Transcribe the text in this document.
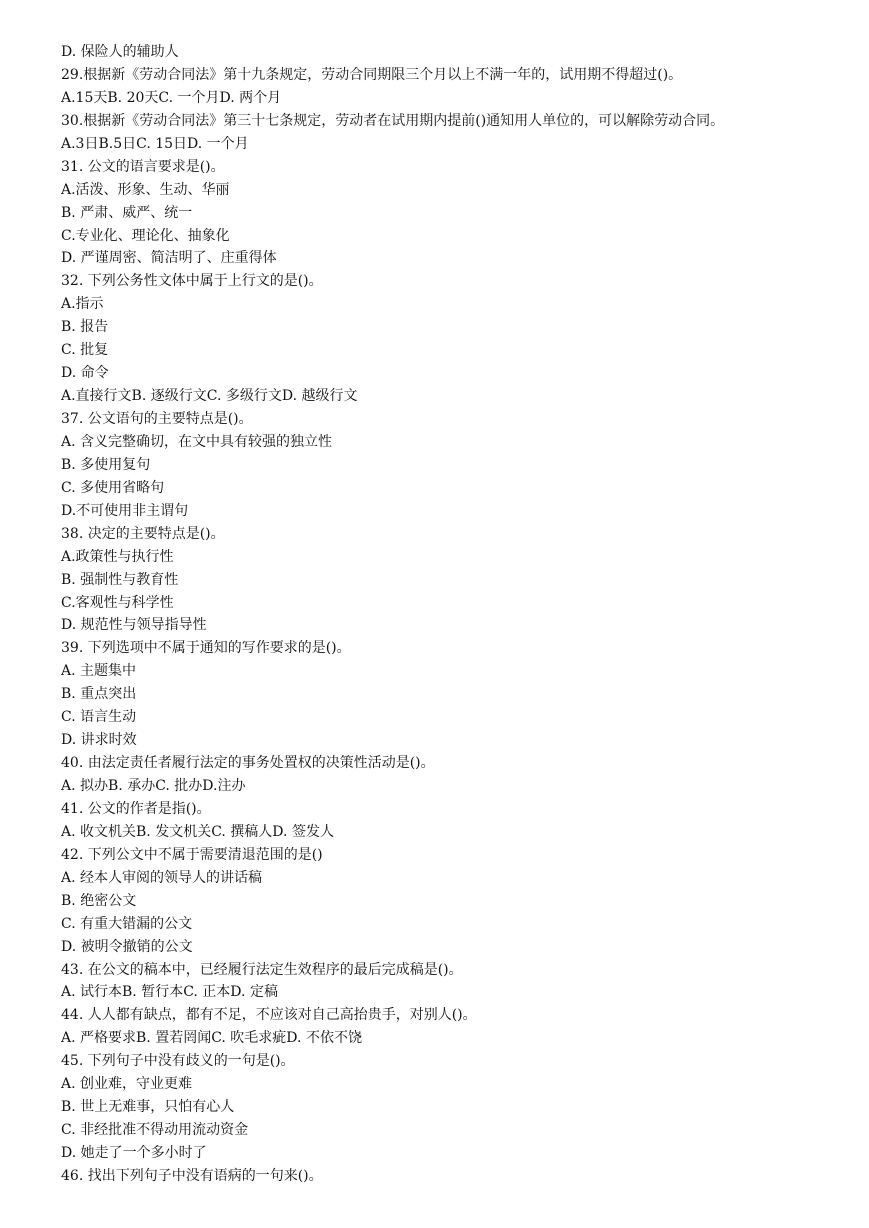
D. 保险人的辅助人
29.根据新《劳动合同法》第十九条规定，劳动合同期限三个月以上不满一年的，试用期不得超过()。
A.15天B. 20天C. 一个月D. 两个月
30.根据新《劳动合同法》第三十七条规定，劳动者在试用期内提前()通知用人单位的，可以解除劳动合同。
A.3日B.5日C. 15日D. 一个月
31. 公文的语言要求是()。
A.活泼、形象、生动、华丽
B. 严肃、威严、统一
C.专业化、理论化、抽象化
D. 严谨周密、简洁明了、庄重得体
32. 下列公务性文体中属于上行文的是()。
A.指示
B. 报告
C. 批复
D. 命令
A.直接行文B. 逐级行文C. 多级行文D. 越级行文
37. 公文语句的主要特点是()。
A. 含义完整确切，在文中具有较强的独立性
B. 多使用复句
C. 多使用省略句
D.不可使用非主谓句
38. 决定的主要特点是()。
A.政策性与执行性
B. 强制性与教育性
C.客观性与科学性
D. 规范性与领导指导性
39. 下列选项中不属于通知的写作要求的是()。
A. 主题集中
B. 重点突出
C. 语言生动
D. 讲求时效
40. 由法定责任者履行法定的事务处置权的决策性活动是()。
A. 拟办B. 承办C. 批办D.注办
41. 公文的作者是指()。
A. 收文机关B. 发文机关C. 撰稿人D. 签发人
42. 下列公文中不属于需要清退范围的是()
A. 经本人审阅的领导人的讲话稿
B. 绝密公文
C. 有重大错漏的公文
D. 被明令撤销的公文
43. 在公文的稿本中，已经履行法定生效程序的最后完成稿是()。
A. 试行本B. 暂行本C. 正本D. 定稿
44. 人人都有缺点，都有不足，不应该对自己高抬贵手，对别人()。
A. 严格要求B. 置若罔闻C. 吹毛求疵D. 不依不饶
45. 下列句子中没有歧义的一句是()。
A. 创业难，守业更难
B. 世上无难事，只怕有心人
C. 非经批准不得动用流动资金
D. 她走了一个多小时了
46. 找出下列句子中没有语病的一句来()。
